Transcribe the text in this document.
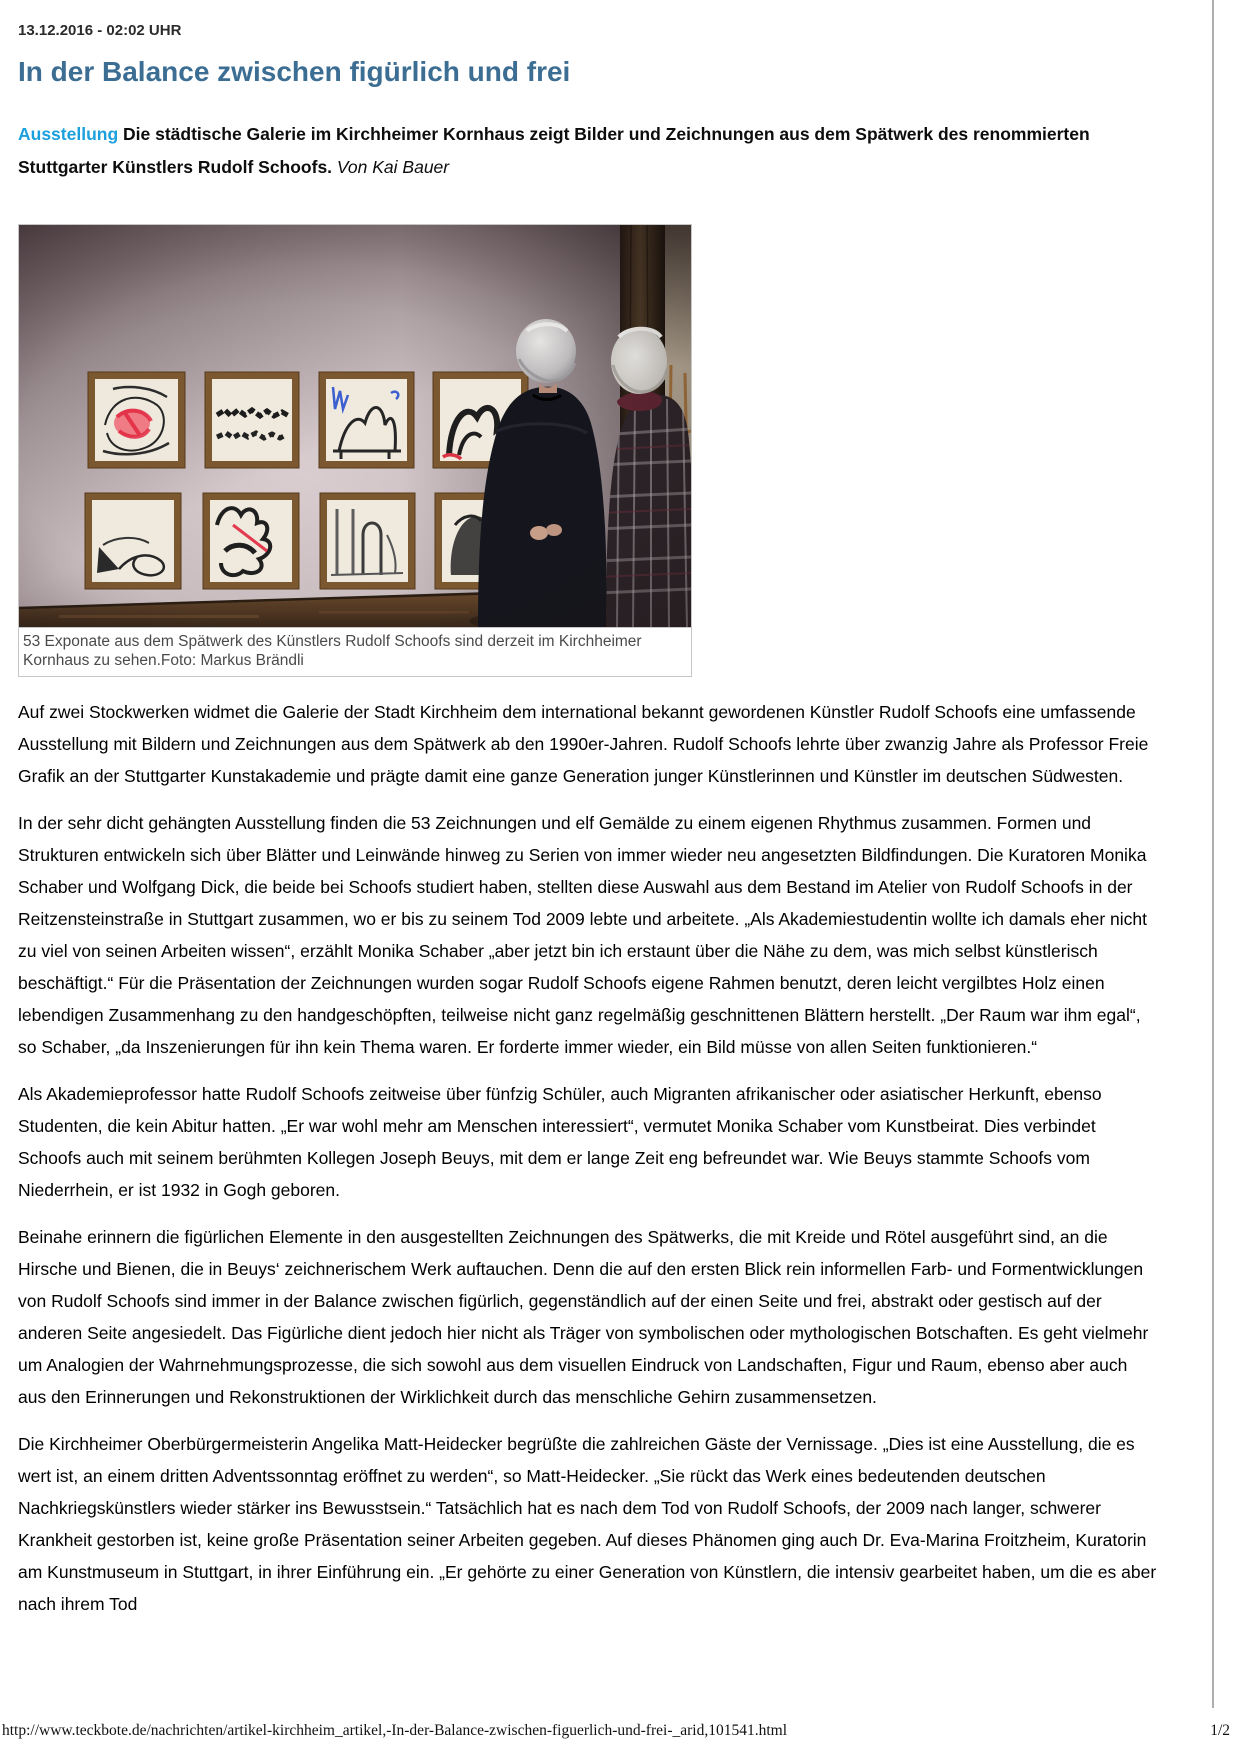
13.12.2016 - 02:02 UHR
In der Balance zwischen figürlich und frei

Ausstellung Die städtische Galerie im Kirchheimer Kornhaus zeigt Bilder und Zeichnungen aus dem Spätwerk des renommierten Stuttgarter Künstlers Rudolf Schoofs. Von Kai Bauer

53 Exponate aus dem Spätwerk des Künstlers Rudolf Schoofs sind derzeit im Kirchheimer Kornhaus zu sehen.Foto: Markus Brändli

Auf zwei Stockwerken widmet die Galerie der Stadt Kirchheim dem international bekannt gewordenen Künstler Rudolf Schoofs eine umfassende Ausstellung mit Bildern und Zeichnungen aus dem Spätwerk ab den 1990er-Jahren. Rudolf Schoofs lehrte über zwanzig Jahre als Professor Freie Grafik an der Stuttgarter Kunstakademie und prägte damit eine ganze Generation junger Künstlerinnen und Künstler im deutschen Südwesten.

In der sehr dicht gehängten Ausstellung finden die 53 Zeichnungen und elf Gemälde zu einem eigenen Rhythmus zusammen. Formen und Strukturen entwickeln sich über Blätter und Leinwände hinweg zu Serien von immer wieder neu angesetzten Bildfindungen. Die Kuratoren Monika Schaber und Wolfgang Dick, die beide bei Schoofs studiert haben, stellten diese Auswahl aus dem Bestand im Atelier von Rudolf Schoofs in der Reitzensteinstraße in Stuttgart zusammen, wo er bis zu seinem Tod 2009 lebte und arbeitete. „Als Akademiestudentin wollte ich damals eher nicht zu viel von seinen Arbeiten wissen“, erzählt Monika Schaber „aber jetzt bin ich erstaunt über die Nähe zu dem, was mich selbst künstlerisch beschäftigt.“ Für die Präsentation der Zeichnungen wurden sogar Rudolf Schoofs eigene Rahmen benutzt, deren leicht vergilbtes Holz einen lebendigen Zusammenhang zu den handgeschöpften, teilweise nicht ganz regelmäßig geschnittenen Blättern herstellt. „Der Raum war ihm egal“, so Schaber, „da Inszenierungen für ihn kein Thema waren. Er forderte immer wieder, ein Bild müsse von allen Seiten funktionieren.“

Als Akademieprofessor hatte Rudolf Schoofs zeitweise über fünfzig Schüler, auch Migranten afrikanischer oder asiatischer Herkunft, ebenso Studenten, die kein Abitur hatten. „Er war wohl mehr am Menschen interessiert“, vermutet Monika Schaber vom Kunstbeirat. Dies verbindet Schoofs auch mit seinem berühmten Kollegen Joseph Beuys, mit dem er lange Zeit eng befreundet war. Wie Beuys stammte Schoofs vom Niederrhein, er ist 1932 in Gogh geboren.

Beinahe erinnern die figürlichen Elemente in den ausgestellten Zeichnungen des Spätwerks, die mit Kreide und Rötel ausgeführt sind, an die Hirsche und Bienen, die in Beuys‘ zeichnerischem Werk auftauchen. Denn die auf den ersten Blick rein informellen Farb- und Formentwicklungen von Rudolf Schoofs sind immer in der Balance zwischen figürlich, gegenständlich auf der einen Seite und frei, abstrakt oder gestisch auf der anderen Seite angesiedelt. Das Figürliche dient jedoch hier nicht als Träger von symbolischen oder mythologischen Botschaften. Es geht vielmehr um Analogien der Wahrnehmungsprozesse, die sich sowohl aus dem visuellen Eindruck von Landschaften, Figur und Raum, ebenso aber auch aus den Erinnerungen und Rekonstruktionen der Wirklichkeit durch das menschliche Gehirn zusammensetzen.

Die Kirchheimer Oberbürgermeisterin Angelika Matt-Heidecker begrüßte die zahlreichen Gäste der Vernissage. „Dies ist eine Ausstellung, die es wert ist, an einem dritten Adventssonntag eröffnet zu werden“, so Matt-Heidecker. „Sie rückt das Werk eines bedeutenden deutschen Nachkriegskünstlers wieder stärker ins Bewusstsein.“ Tatsächlich hat es nach dem Tod von Rudolf Schoofs, der 2009 nach langer, schwerer Krankheit gestorben ist, keine große Präsentation seiner Arbeiten gegeben. Auf dieses Phänomen ging auch Dr. Eva-Marina Froitzheim, Kuratorin am Kunstmuseum in Stuttgart, in ihrer Einführung ein. „Er gehörte zu einer Generation von Künstlern, die intensiv gearbeitet haben, um die es aber nach ihrem Tod

http://www.teckbote.de/nachrichten/artikel-kirchheim_artikel,-In-der-Balance-zwischen-figuerlich-und-frei-_arid,101541.html	1/2
